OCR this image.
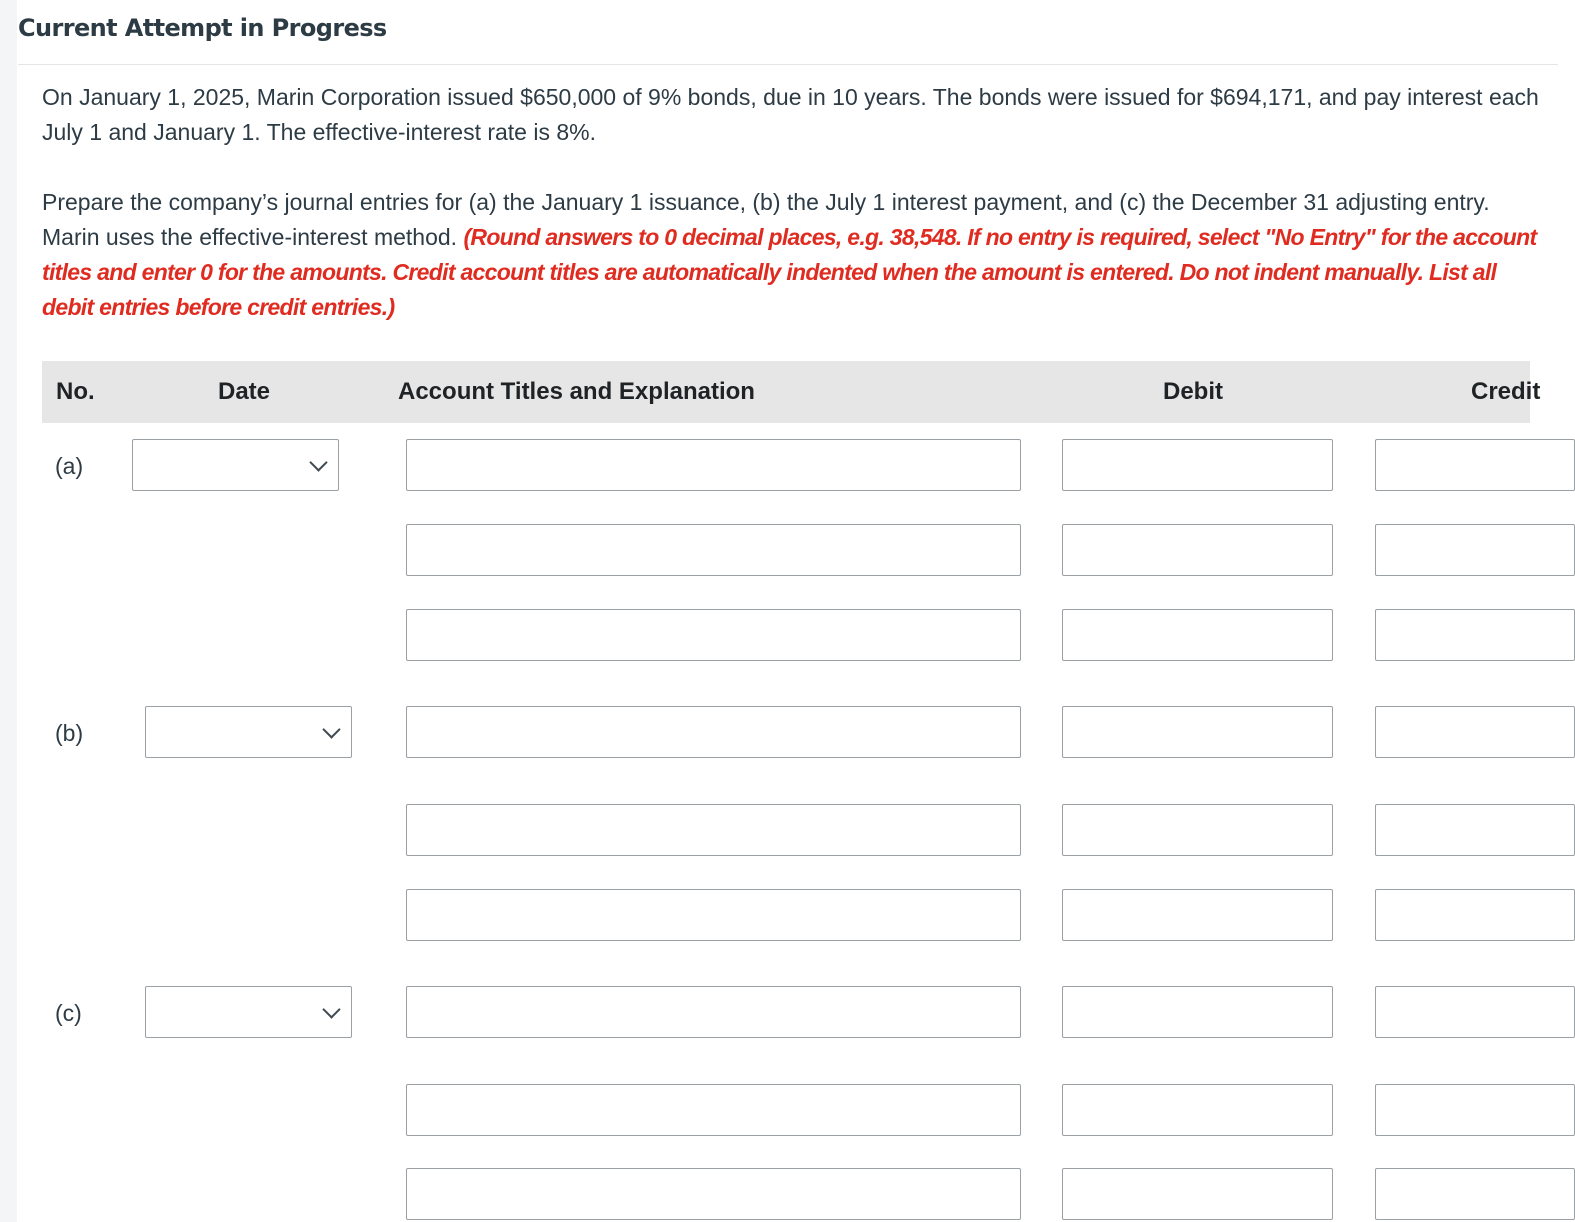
Current Attempt in Progress

On January 1, 2025, Marin Corporation issued $650,000 of 9% bonds, due in 10 years. The bonds were issued for $694,171, and pay interest each July 1 and January 1. The effective-interest rate is 8%.

Prepare the company’s journal entries for (a) the January 1 issuance, (b) the July 1 interest payment, and (c) the December 31 adjusting entry. Marin uses the effective-interest method. (Round answers to 0 decimal places, e.g. 38,548. If no entry is required, select "No Entry" for the account titles and enter 0 for the amounts. Credit account titles are automatically indented when the amount is entered. Do not indent manually. List all debit entries before credit entries.)

No.	Date	Account Titles and Explanation	Debit	Credit
(a)
(b)
(c)
